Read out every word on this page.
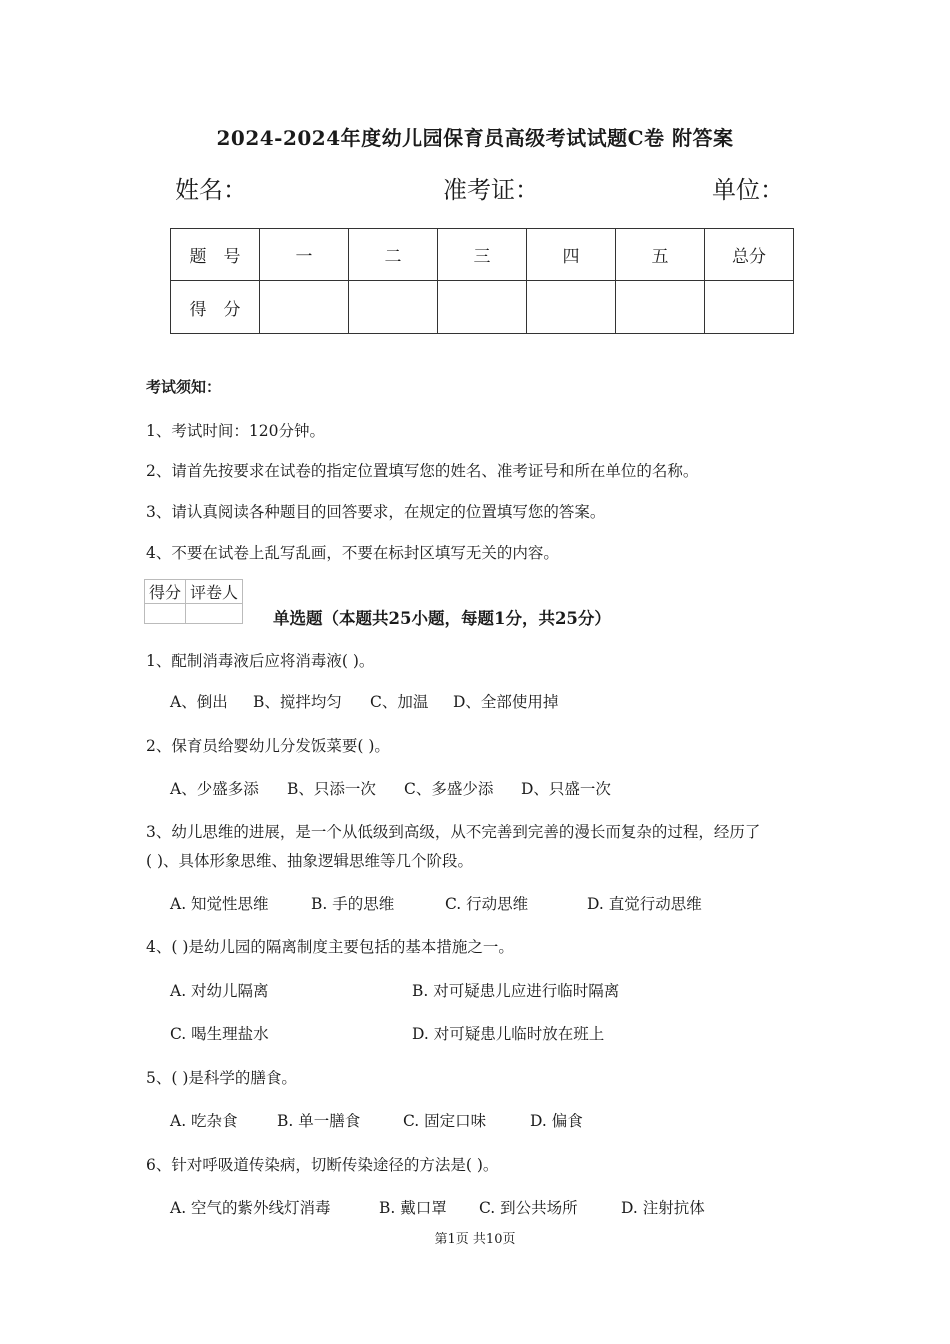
2024-2024年度幼儿园保育员高级考试试题C卷 附答案
姓名：	准考证：	单位：
题　号	一	二	三	四	五	总分
得　分						
考试须知：
1、考试时间：120分钟。
2、请首先按要求在试卷的指定位置填写您的姓名、准考证号和所在单位的名称。
3、请认真阅读各种题目的回答要求，在规定的位置填写您的答案。
4、不要在试卷上乱写乱画，不要在标封区填写无关的内容。
得分	评卷人

单选题（本题共25小题，每题1分，共25分）
1、配制消毒液后应将消毒液( )。
A、倒出 B、搅拌均匀 C、加温 D、全部使用掉
2、保育员给婴幼儿分发饭菜要( )。
A、少盛多添 B、只添一次 C、多盛少添 D、只盛一次
3、幼儿思维的进展，是一个从低级到高级，从不完善到完善的漫长而复杂的过程，经历了
( )、具体形象思维、抽象逻辑思维等几个阶段。
A. 知觉性思维	B. 手的思维	C. 行动思维	D. 直觉行动思维
4、( )是幼儿园的隔离制度主要包括的基本措施之一。
A. 对幼儿隔离	B. 对可疑患儿应进行临时隔离
C. 喝生理盐水	D. 对可疑患儿临时放在班上
5、( )是科学的膳食。
A. 吃杂食	B. 单一膳食	C. 固定口味	D. 偏食
6、针对呼吸道传染病，切断传染途径的方法是( )。
A. 空气的紫外线灯消毒	B. 戴口罩 C. 到公共场所	D. 注射抗体
第1页 共10页
